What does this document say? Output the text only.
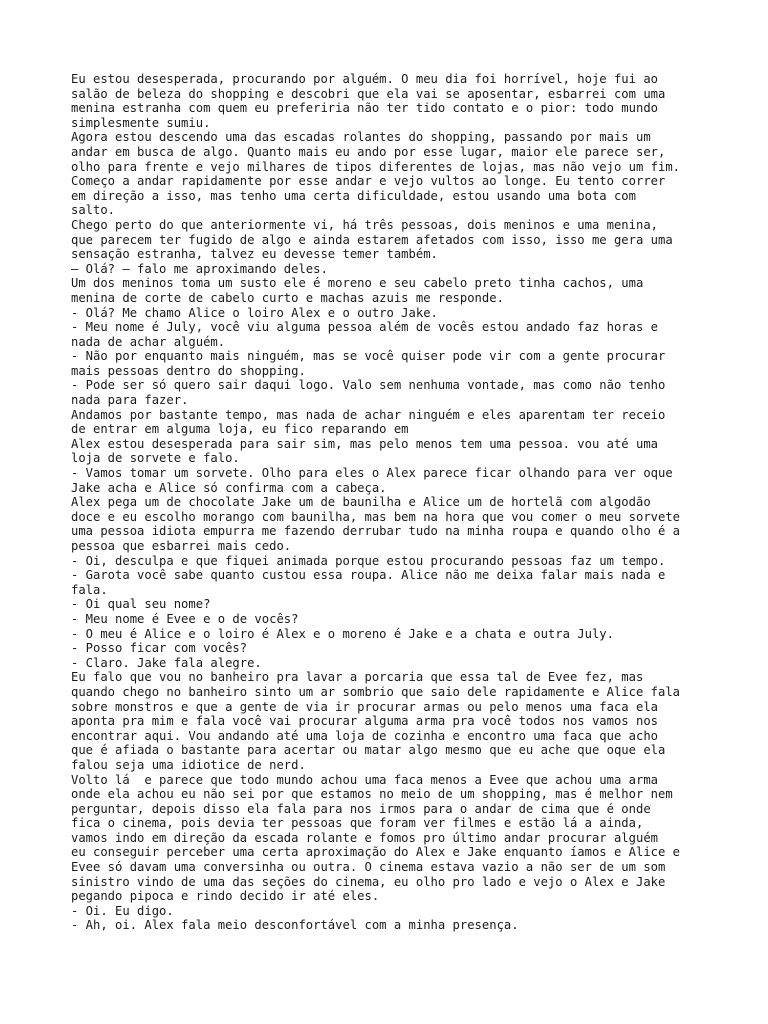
Eu estou desesperada, procurando por alguém. O meu dia foi horrível, hoje fui ao
salão de beleza do shopping e descobri que ela vai se aposentar, esbarrei com uma
menina estranha com quem eu preferiria não ter tido contato e o pior: todo mundo
simplesmente sumiu.
Agora estou descendo uma das escadas rolantes do shopping, passando por mais um
andar em busca de algo. Quanto mais eu ando por esse lugar, maior ele parece ser,
olho para frente e vejo milhares de tipos diferentes de lojas, mas não vejo um fim.
Começo a andar rapidamente por esse andar e vejo vultos ao longe. Eu tento correr
em direção a isso, mas tenho uma certa dificuldade, estou usando uma bota com
salto.
Chego perto do que anteriormente vi, há três pessoas, dois meninos e uma menina,
que parecem ter fugido de algo e ainda estarem afetados com isso, isso me gera uma
sensação estranha, talvez eu devesse temer também.
— Olá? – falo me aproximando deles.
Um dos meninos toma um susto ele é moreno e seu cabelo preto tinha cachos, uma
menina de corte de cabelo curto e machas azuis me responde.
- Olá? Me chamo Alice o loiro Alex e o outro Jake.
- Meu nome é July, você viu alguma pessoa além de vocês estou andado faz horas e
nada de achar alguém.
- Não por enquanto mais ninguém, mas se você quiser pode vir com a gente procurar
mais pessoas dentro do shopping.
- Pode ser só quero sair daqui logo. Valo sem nenhuma vontade, mas como não tenho
nada para fazer.
Andamos por bastante tempo, mas nada de achar ninguém e eles aparentam ter receio
de entrar em alguma loja, eu fico reparando em
Alex estou desesperada para sair sim, mas pelo menos tem uma pessoa. vou até uma
loja de sorvete e falo.
- Vamos tomar um sorvete. Olho para eles o Alex parece ficar olhando para ver oque
Jake acha e Alice só confirma com a cabeça.
Alex pega um de chocolate Jake um de baunilha e Alice um de hortelã com algodão
doce e eu escolho morango com baunilha, mas bem na hora que vou comer o meu sorvete
uma pessoa idiota empurra me fazendo derrubar tudo na minha roupa e quando olho é a
pessoa que esbarrei mais cedo.
- Oi, desculpa e que fiquei animada porque estou procurando pessoas faz um tempo.
- Garota você sabe quanto custou essa roupa. Alice não me deixa falar mais nada e
fala.
- Oi qual seu nome?
- Meu nome é Evee e o de vocês?
- O meu é Alice e o loiro é Alex e o moreno é Jake e a chata e outra July.
- Posso ficar com vocês?
- Claro. Jake fala alegre.
Eu falo que vou no banheiro pra lavar a porcaria que essa tal de Evee fez, mas
quando chego no banheiro sinto um ar sombrio que saio dele rapidamente e Alice fala
sobre monstros e que a gente de via ir procurar armas ou pelo menos uma faca ela
aponta pra mim e fala você vai procurar alguma arma pra você todos nos vamos nos
encontrar aqui. Vou andando até uma loja de cozinha e encontro uma faca que acho
que é afiada o bastante para acertar ou matar algo mesmo que eu ache que oque ela
falou seja uma idiotice de nerd.
Volto lá  e parece que todo mundo achou uma faca menos a Evee que achou uma arma
onde ela achou eu não sei por que estamos no meio de um shopping, mas é melhor nem
perguntar, depois disso ela fala para nos irmos para o andar de cima que é onde
fica o cinema, pois devia ter pessoas que foram ver filmes e estão lá a ainda,
vamos indo em direção da escada rolante e fomos pro último andar procurar alguém
eu conseguir perceber uma certa aproximação do Alex e Jake enquanto íamos e Alice e
Evee só davam uma conversinha ou outra. O cinema estava vazio a não ser de um som
sinistro vindo de uma das seções do cinema, eu olho pro lado e vejo o Alex e Jake
pegando pipoca e rindo decido ir até eles.
- Oi. Eu digo.
- Ah, oi. Alex fala meio desconfortável com a minha presença.
